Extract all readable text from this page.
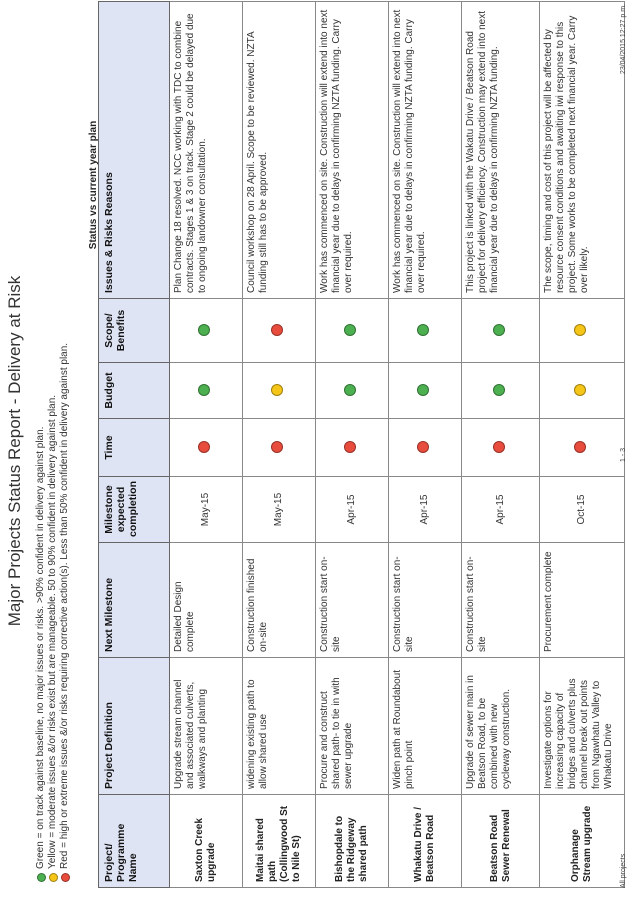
Major Projects Status Report - Delivery at Risk Green = on track against baseline, no major issues or risks. >90% confident in delivery against plan. Yellow = moderate issues &/or risks exist but are manageable. 50 to 90% confident in delivery against plan. Red = high or extreme issues &/or risks requiring corrective action(s). Less than 50% confident in delivery against plan.
Status vs current year plan
Project/ Programme Name	Project Definition	Next Milestone	Milestone expected completion	Time	Budget	Scope/ Benefits	Issues & Risks Reasons
Saxton Creek upgrade	Upgrade stream channel and associated culverts, walkways and planting	Detailed Design complete	May-15				Plan Change 18 resolved. NCC working with TDC to combine contracts. Stages 1 & 3 on track. Stage 2 could be delayed due to ongoing landowner consultation.
Maitai shared path (Collingwood St to Nile St)	widening existing path to allow shared use	Construction finished on-site	May-15				Council workshop on 28 April. Scope to be reviewed. NZTA funding still has to be approved.
Bishopdale to the Ridgeway shared path	Procure and construct shared path- to tie in with sewer upgrade	Construction start on-site	Apr-15				Work has commenced on site. Construction will extend into next financial year due to delays in confirming NZTA funding. Carry over required.
Whakatu Drive / Beatson Road	Widen path at Roundabout pinch point	Construction start on-site	Apr-15				Work has commenced on site. Construction will extend into next financial year due to delays in confirming NZTA funding. Carry over required.
Beatson Road Sewer Renewal	Upgrade of sewer main in Beatson Road, to be combined with new cycleway construction.	Construction start on-site	Apr-15				This project is linked with the Wakatu Drive / Beatson Road project for delivery efficiency. Construction may extend into next financial year due to delays in confirming NZTA funding.
Orphanage Stream upgrade	Investigate options for increasing capacity of bridges and culverts plus channel break out points from Ngawhatu Valley to Whakatu Drive	Procurement complete	Oct-15				The scope, timing and cost of this project will be affected by resource consent conditions and awaiting iwi response to this project. Some works to be completed next financial year. Carry over likely.
All projects
1 - 3
23/04/2015 12:27 p.m.
